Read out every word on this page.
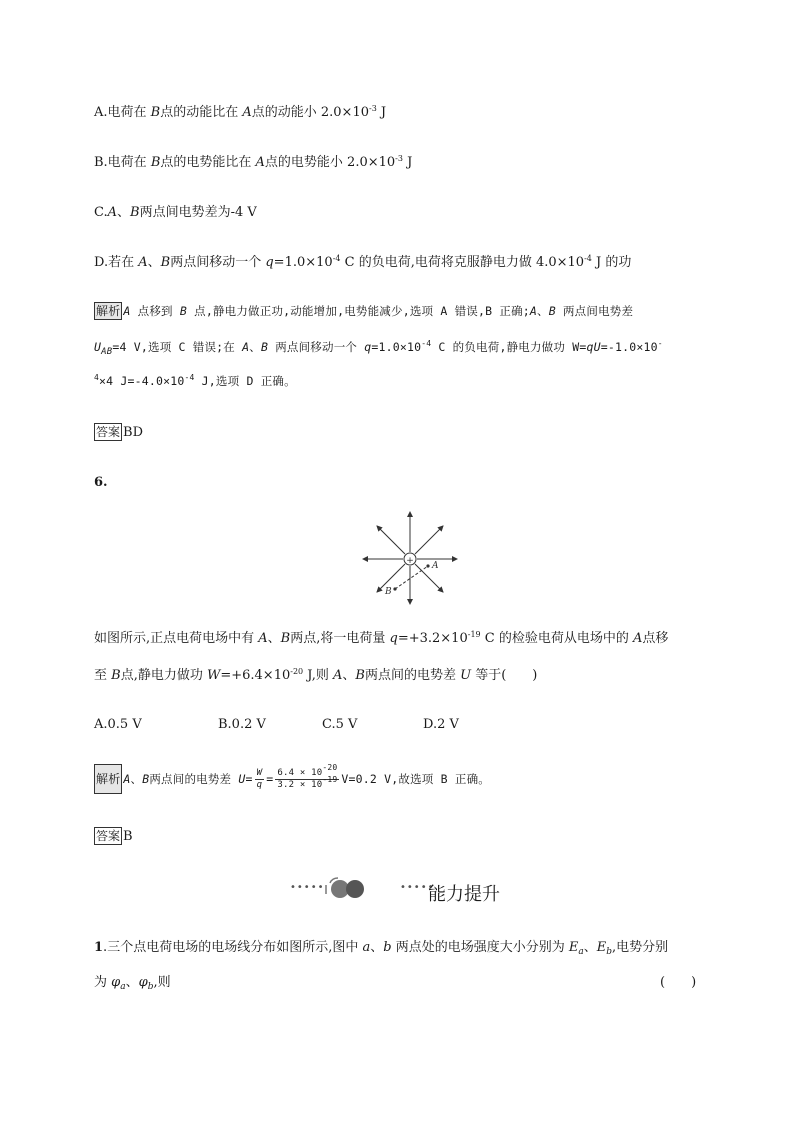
A.电荷在 B点的动能比在 A点的动能小 $2.0\times 10^{-3}$ J
B.电荷在 B点的电势能比在 A点的电势能小 $2.0\times 10^{-3}$ J
C.A、B两点间电势差为-4 V
D.若在 A、B两点间移动一个 $q=1.0\times 10^{-4}$ C 的负电荷,电荷将克服静电力做 $4.0\times 10^{-4}$ J 的功
解析 A 点移到 B 点,静电力做正功,动能增加,电势能减少,选项 A 错误,B 正确;A、B 两点间电势差
$U_{AB}=4$ V,选项 C 错误;在 A、B 两点间移动一个 $q=1.0\times 10^{-4}$ C 的负电荷,静电力做功 W=qU=-1.0×10-
$^4$×4 $J=-4.0\times 10^{-4}$ J,选项 D 正确。
答案 BD
6.
+ A
B
如图所示,正点电荷电场中有 A、B两点,将一电荷量 $q=+3.2\times 10^{-19}$ C 的检验电荷从电场中的 A点移
至 B点,静电力做功 $W=+6.4\times 10^{-20}$ J,则 A、B两点间的电势差 U 等于(　　)
A.0.5 V	B.0.2 V	C.5 V	D.2 V
解析 A、B两点间的电势差 $U= \frac{W}{q} = \frac{6.4 \times 10^{-20}}{3.2 \times 10^{-19}} V=0.2$ V,故选项 B 正确。
答案 B
•••••	•••••
能力提升
1.三个点电荷电场的电场线分布如图所示,图中 a、b 两点处的电场强度大小分别为 $E_a$、$E_b$,电势分别
为 $\varphi_a$、$\varphi_b$,则	(　　)
